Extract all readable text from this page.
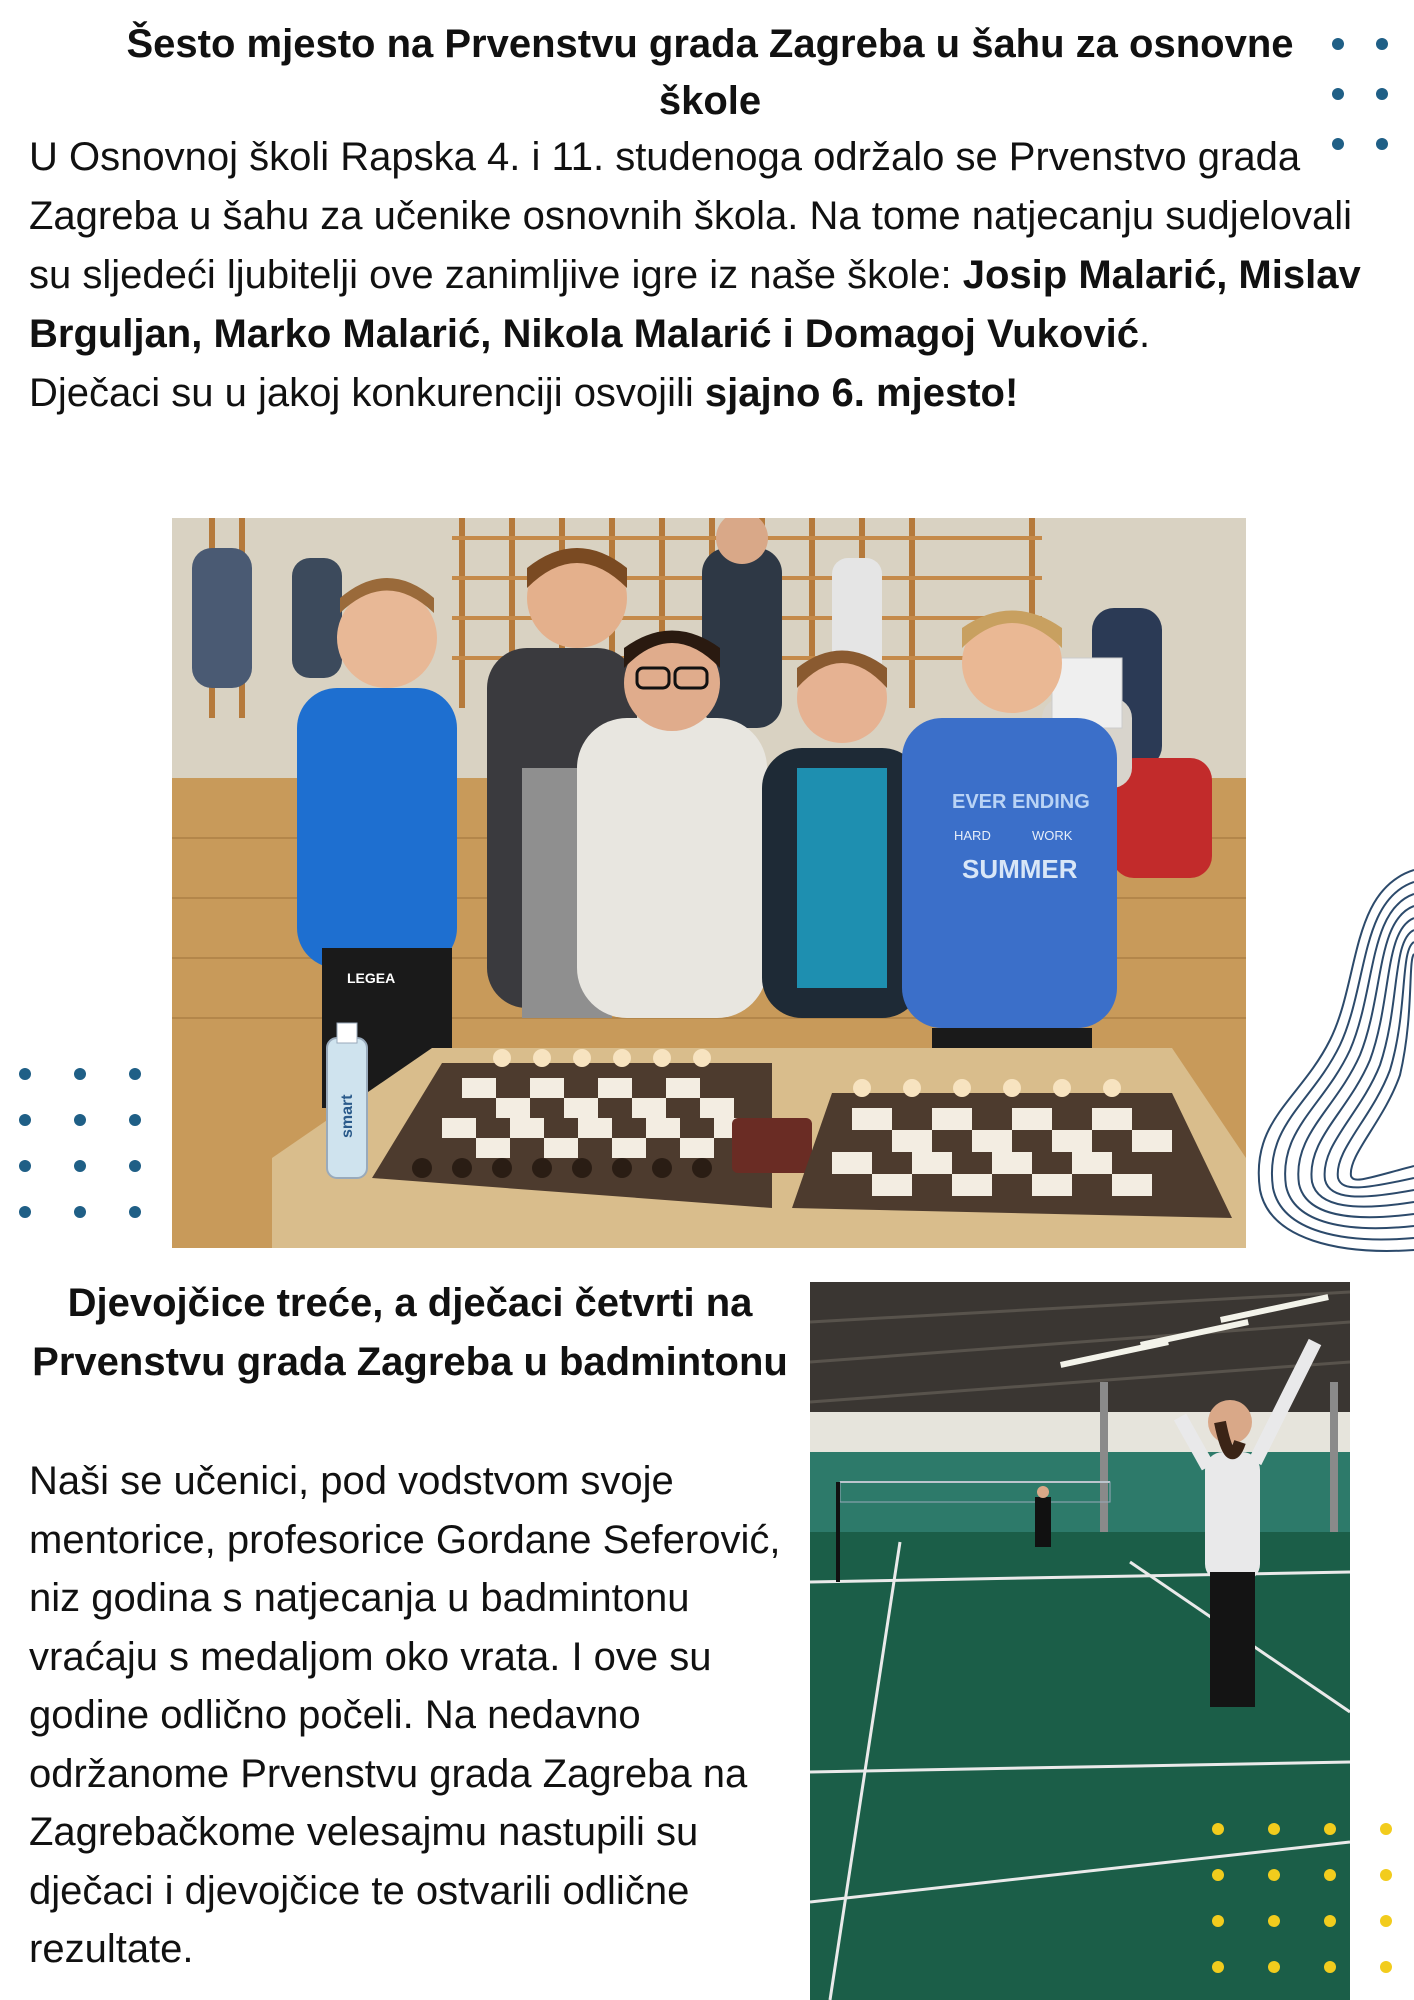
Šesto mjesto na Prvenstvu grada Zagreba u šahu za osnovne škole
U Osnovnoj školi Rapska 4. i 11. studenoga održalo se Prvenstvo grada Zagreba u šahu za učenike osnovnih škola. Na tome natjecanju sudjelovali su sljedeći ljubitelji ove zanimljive igre iz naše škole: Josip Malarić, Mislav Brguljan, Marko Malarić, Nikola Malarić i Domagoj Vuković.
Dječaci su u jakoj konkurenciji osvojili sjajno 6. mjesto!
LEGEA
EVER ENDING
HARD	WORK
SUMMER
smart
Djevojčice treće, a dječaci četvrti na Prvenstvu grada Zagreba u badmintonu
Naši se učenici, pod vodstvom svoje mentorice, profesorice Gordane Seferović, niz godina s natjecanja u badmintonu vraćaju s medaljom oko vrata. I ove su godine odlično počeli. Na nedavno održanome Prvenstvu grada Zagreba na Zagrebačkome velesajmu nastupili su dječaci i djevojčice te ostvarili odlične rezultate.
